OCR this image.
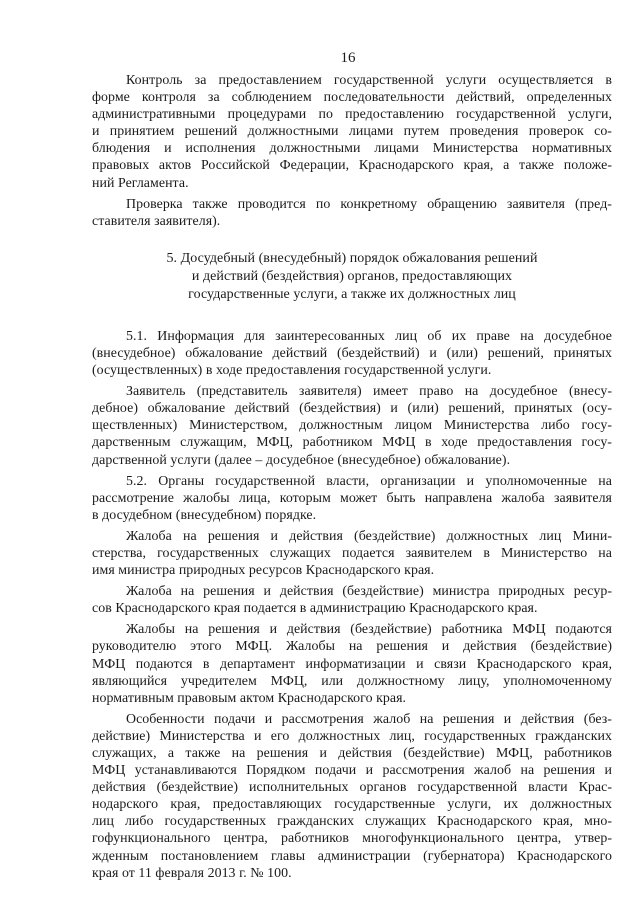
16
Контроль за предоставлением государственной услуги осуществляется в
форме контроля за соблюдением последовательности действий, определенных
административными процедурами по предоставлению государственной услуги,
и принятием решений должностными лицами путем проведения проверок со-
блюдения и исполнения должностными лицами Министерства нормативных
правовых актов Российской Федерации, Краснодарского края, а также положе-
ний Регламента.
Проверка также проводится по конкретному обращению заявителя (пред-
ставителя заявителя).
5. Досудебный (внесудебный) порядок обжалования решений
и действий (бездействия) органов, предоставляющих
государственные услуги, а также их должностных лиц
5.1. Информация для заинтересованных лиц об их праве на досудебное
(внесудебное) обжалование действий (бездействий) и (или) решений, принятых
(осуществленных) в ходе предоставления государственной услуги.
Заявитель (представитель заявителя) имеет право на досудебное (внесу-
дебное) обжалование действий (бездействия) и (или) решений, принятых (осу-
ществленных) Министерством, должностным лицом Министерства либо госу-
дарственным служащим, МФЦ, работником МФЦ в ходе предоставления госу-
дарственной услуги (далее – досудебное (внесудебное) обжалование).
5.2. Органы государственной власти, организации и уполномоченные на
рассмотрение жалобы лица, которым может быть направлена жалоба заявителя
в досудебном (внесудебном) порядке.
Жалоба на решения и действия (бездействие) должностных лиц Мини-
стерства, государственных служащих подается заявителем в Министерство на
имя министра природных ресурсов Краснодарского края.
Жалоба на решения и действия (бездействие) министра природных ресур-
сов Краснодарского края подается в администрацию Краснодарского края.
Жалобы на решения и действия (бездействие) работника МФЦ подаются
руководителю этого МФЦ. Жалобы на решения и действия (бездействие)
МФЦ подаются в департамент информатизации и связи Краснодарского края,
являющийся учредителем МФЦ, или должностному лицу, уполномоченному
нормативным правовым актом Краснодарского края.
Особенности подачи и рассмотрения жалоб на решения и действия (без-
действие) Министерства и его должностных лиц, государственных гражданских
служащих, а также на решения и действия (бездействие) МФЦ, работников
МФЦ устанавливаются Порядком подачи и рассмотрения жалоб на решения и
действия (бездействие) исполнительных органов государственной власти Крас-
нодарского края, предоставляющих государственные услуги, их должностных
лиц либо государственных гражданских служащих Краснодарского края, мно-
гофункционального центра, работников многофункционального центра, утвер-
жденным постановлением главы администрации (губернатора) Краснодарского
края от 11 февраля 2013 г. № 100.
